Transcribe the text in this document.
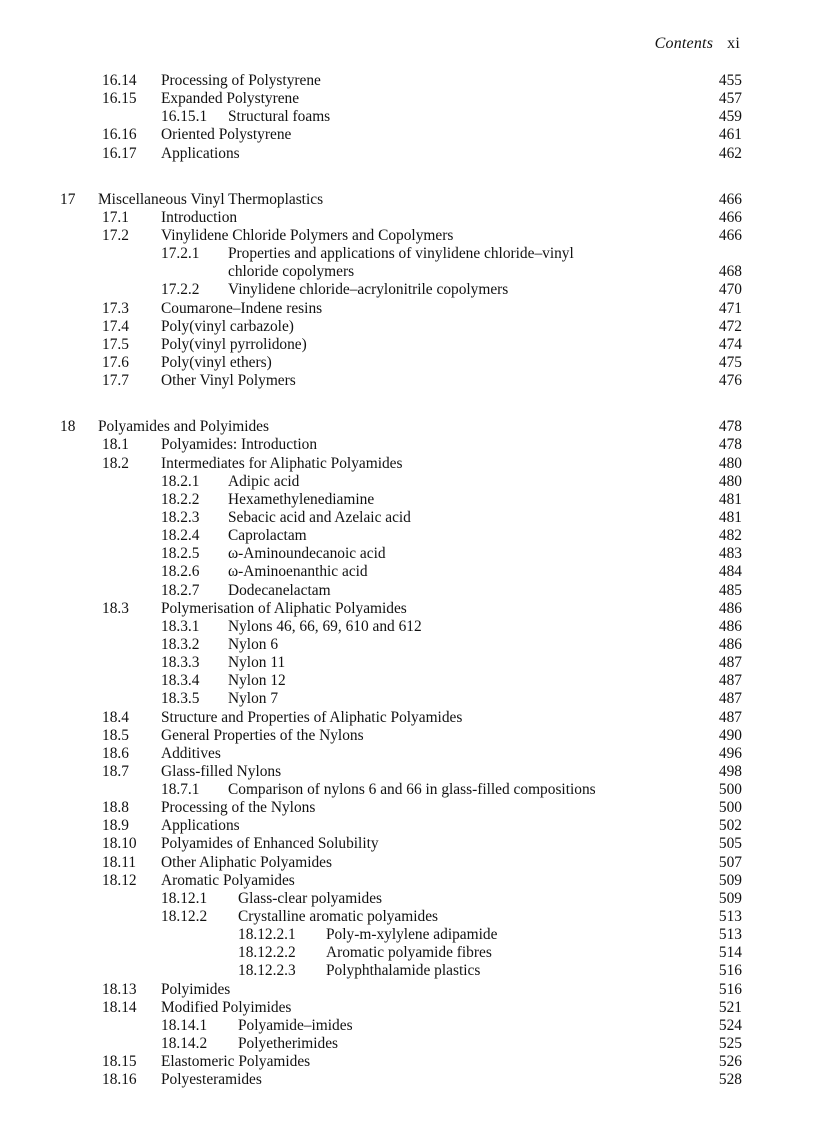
Contents xi
16.14 Processing of Polystyrene	455
16.15 Expanded Polystyrene	457
16.15.1 Structural foams	459
16.16 Oriented Polystyrene	461
16.17 Applications	462
17 Miscellaneous Vinyl Thermoplastics	466
17.1 Introduction	466
17.2 Vinylidene Chloride Polymers and Copolymers	466
17.2.1 Properties and applications of vinylidene chloride–vinyl
chloride copolymers	468
17.2.2 Vinylidene chloride–acrylonitrile copolymers	470
17.3 Coumarone–Indene resins	471
17.4 Poly(vinyl carbazole)	472
17.5 Poly(vinyl pyrrolidone)	474
17.6 Poly(vinyl ethers)	475
17.7 Other Vinyl Polymers	476
18 Polyamides and Polyimides	478
18.1 Polyamides: Introduction	478
18.2 Intermediates for Aliphatic Polyamides	480
18.2.1 Adipic acid	480
18.2.2 Hexamethylenediamine	481
18.2.3 Sebacic acid and Azelaic acid	481
18.2.4 Caprolactam	482
18.2.5 ω-Aminoundecanoic acid	483
18.2.6 ω-Aminoenanthic acid	484
18.2.7 Dodecanelactam	485
18.3 Polymerisation of Aliphatic Polyamides	486
18.3.1 Nylons 46, 66, 69, 610 and 612	486
18.3.2 Nylon 6	486
18.3.3 Nylon 11	487
18.3.4 Nylon 12	487
18.3.5 Nylon 7	487
18.4 Structure and Properties of Aliphatic Polyamides	487
18.5 General Properties of the Nylons	490
18.6 Additives	496
18.7 Glass-filled Nylons	498
18.7.1 Comparison of nylons 6 and 66 in glass-filled compositions	500
18.8 Processing of the Nylons	500
18.9 Applications	502
18.10 Polyamides of Enhanced Solubility	505
18.11 Other Aliphatic Polyamides	507
18.12 Aromatic Polyamides	509
18.12.1 Glass-clear polyamides	509
18.12.2 Crystalline aromatic polyamides	513
18.12.2.1 Poly-m-xylylene adipamide	513
18.12.2.2 Aromatic polyamide fibres	514
18.12.2.3 Polyphthalamide plastics	516
18.13 Polyimides	516
18.14 Modified Polyimides	521
18.14.1 Polyamide–imides	524
18.14.2 Polyetherimides	525
18.15 Elastomeric Polyamides	526
18.16 Polyesteramides	528
